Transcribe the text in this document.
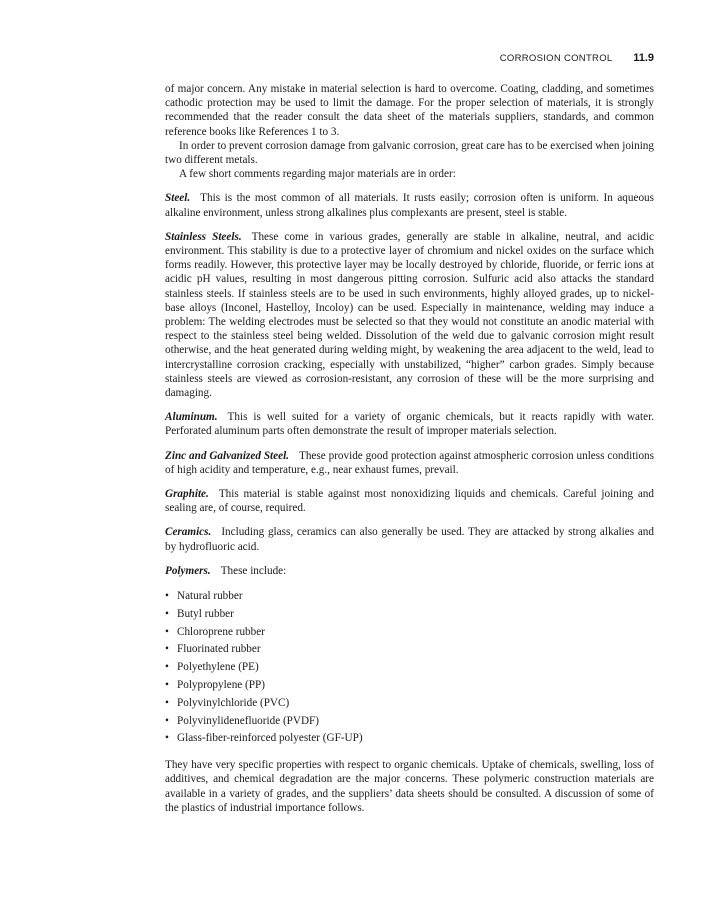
CORROSION CONTROL 11.9

of major concern. Any mistake in material selection is hard to overcome. Coating, cladding, and sometimes cathodic protection may be used to limit the damage. For the proper selection of materials, it is strongly recommended that the reader consult the data sheet of the materials suppliers, standards, and common reference books like References 1 to 3.

In order to prevent corrosion damage from galvanic corrosion, great care has to be exercised when joining two different metals.

A few short comments regarding major materials are in order:

Steel. This is the most common of all materials. It rusts easily; corrosion often is uniform. In aqueous alkaline environment, unless strong alkalines plus complexants are present, steel is stable.

Stainless Steels. These come in various grades, generally are stable in alkaline, neutral, and acidic environment. This stability is due to a protective layer of chromium and nickel oxides on the surface which forms readily. However, this protective layer may be locally destroyed by chloride, fluoride, or ferric ions at acidic pH values, resulting in most dangerous pitting corrosion. Sulfuric acid also attacks the standard stainless steels. If stainless steels are to be used in such environments, highly alloyed grades, up to nickel-base alloys (Inconel, Hastelloy, Incoloy) can be used. Especially in maintenance, welding may induce a problem: The welding electrodes must be selected so that they would not constitute an anodic material with respect to the stainless steel being welded. Dissolution of the weld due to galvanic corrosion might result otherwise, and the heat generated during welding might, by weakening the area adjacent to the weld, lead to intercrystalline corrosion cracking, especially with unstabilized, “higher” carbon grades. Simply because stainless steels are viewed as corrosion-resistant, any corrosion of these will be the more surprising and damaging.

Aluminum. This is well suited for a variety of organic chemicals, but it reacts rapidly with water. Perforated aluminum parts often demonstrate the result of improper materials selection.

Zinc and Galvanized Steel. These provide good protection against atmospheric corrosion unless conditions of high acidity and temperature, e.g., near exhaust fumes, prevail.

Graphite. This material is stable against most nonoxidizing liquids and chemicals. Careful joining and sealing are, of course, required.

Ceramics. Including glass, ceramics can also generally be used. They are attacked by strong alkalies and by hydrofluoric acid.

Polymers. These include:

• Natural rubber
• Butyl rubber
• Chloroprene rubber
• Fluorinated rubber
• Polyethylene (PE)
• Polypropylene (PP)
• Polyvinylchloride (PVC)
• Polyvinylidenefluoride (PVDF)
• Glass-fiber-reinforced polyester (GF-UP)

They have very specific properties with respect to organic chemicals. Uptake of chemicals, swelling, loss of additives, and chemical degradation are the major concerns. These polymeric construction materials are available in a variety of grades, and the suppliers’ data sheets should be consulted. A discussion of some of the plastics of industrial importance follows.
